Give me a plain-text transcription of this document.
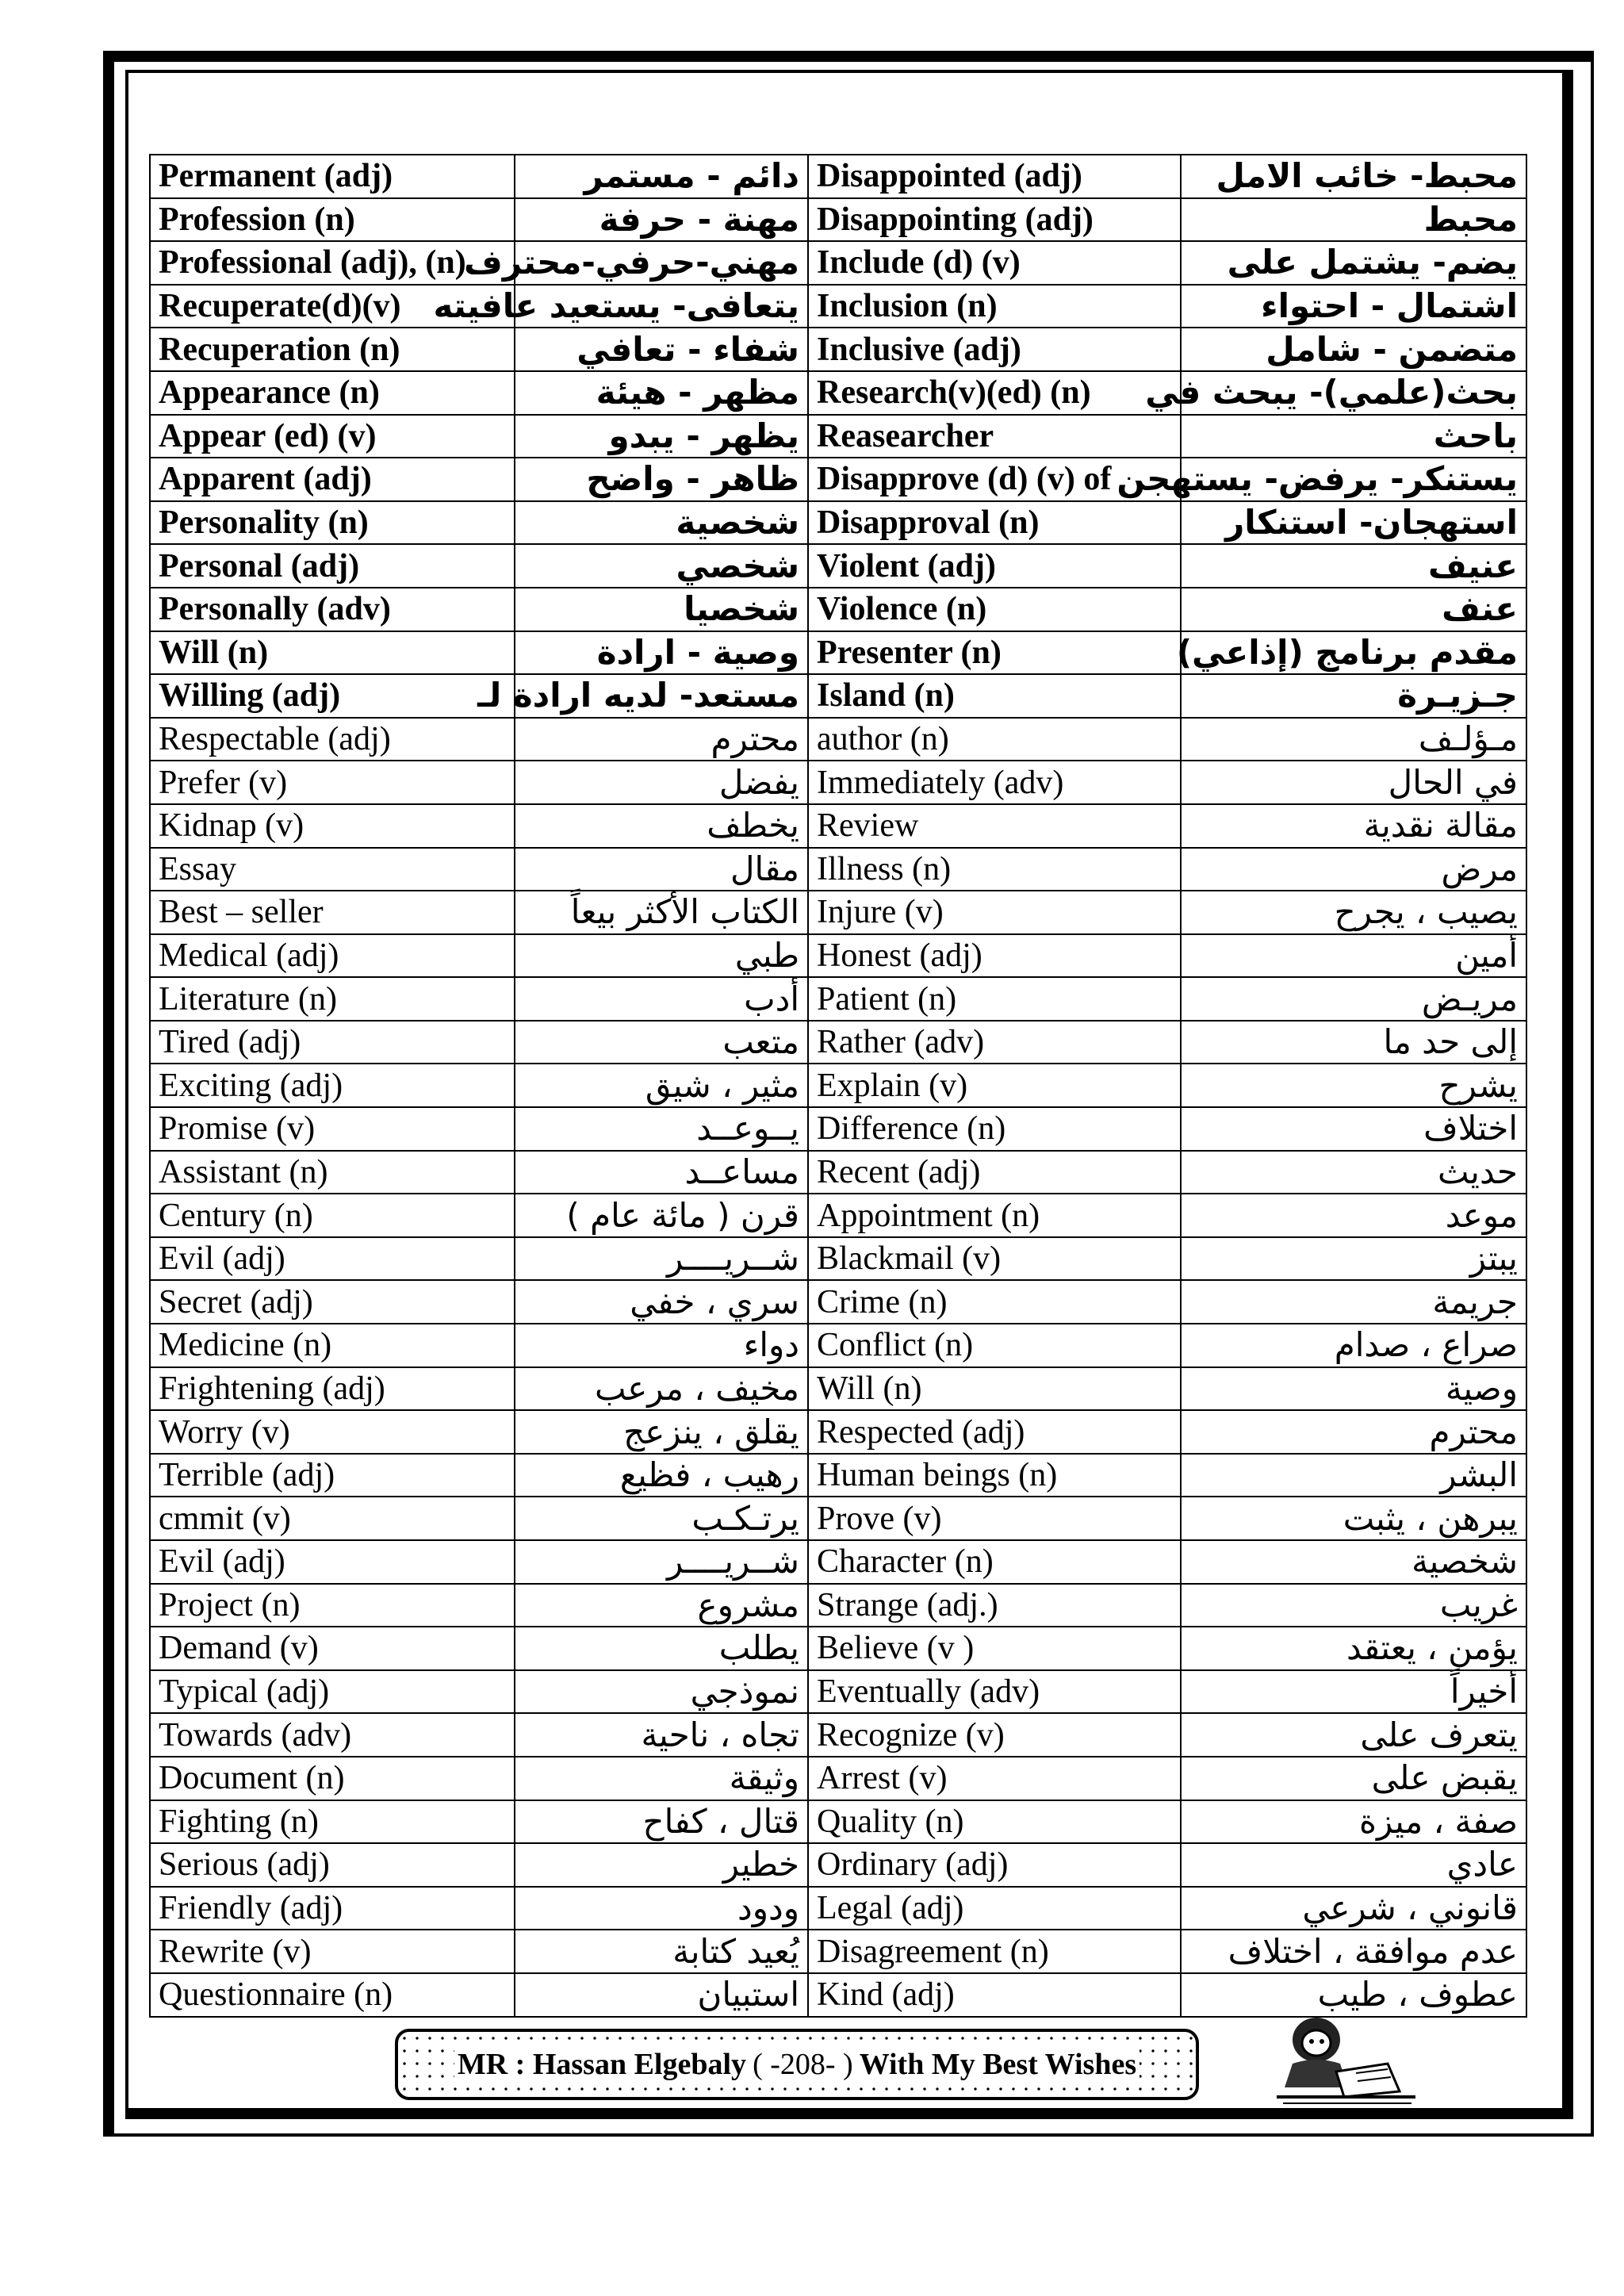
Permanent (adj)	دائم - مستمر	Disappointed (adj)	محبط- خائب الامل
Profession (n)	مهنة - حرفة	Disappointing (adj)	محبط
Professional (adj), (n)	مهني-حرفي-محترف	Include (d) (v)	يضم- يشتمل على
Recuperate(d)(v)	يتعافى- يستعيد عافيته	Inclusion (n)	اشتمال - احتواء
Recuperation (n)	شفاء - تعافي	Inclusive (adj)	متضمن - شامل
Appearance (n)	مظهر - هيئة	Research(v)(ed) (n)	بحث(علمي)- يبحث في
Appear (ed) (v)	يظهر - يبدو	Reasearcher	باحث
Apparent (adj)	ظاهر - واضح	Disapprove (d) (v) of	يستنكر- يرفض- يستهجن
Personality (n)	شخصية	Disapproval (n)	استهجان- استنكار
Personal (adj)	شخصي	Violent (adj)	عنيف
Personally (adv)	شخصيا	Violence (n)	عنف
Will (n)	وصية - ارادة	Presenter (n)	مقدم برنامج (إذاعي)
Willing (adj)	مستعد- لديه ارادة لـ	Island (n)	جـزيـرة
Respectable (adj)	محترم	author (n)	مـؤلـف
Prefer (v)	يفضل	Immediately (adv)	في الحال
Kidnap (v)	يخطف	Review	مقالة نقدية
Essay	مقال	Illness (n)	مرض
Best – seller	الكتاب الأكثر بيعاً	Injure (v)	يصيب ، يجرح
Medical (adj)	طبي	Honest (adj)	أمين
Literature (n)	أدب	Patient (n)	مريـض
Tired (adj)	متعب	Rather (adv)	إلى حد ما
Exciting (adj)	مثير ، شيق	Explain (v)	يشرح
Promise (v)	يــوعــد	Difference (n)	اختلاف
Assistant (n)	مساعــد	Recent (adj)	حديث
Century (n)	قرن ( مائة عام )	Appointment (n)	موعد
Evil (adj)	شــريــــر	Blackmail (v)	يبتز
Secret (adj)	سري ، خفي	Crime (n)	جريمة
Medicine (n)	دواء	Conflict (n)	صراع ، صدام
Frightening (adj)	مخيف ، مرعب	Will (n)	وصية
Worry (v)	يقلق ، ينزعج	Respected (adj)	محترم
Terrible (adj)	رهيب ، فظيع	Human beings (n)	البشر
cmmit (v)	يرتـكـب	Prove (v)	يبرهن ، يثبت
Evil (adj)	شــريــــر	Character (n)	شخصية
Project (n)	مشروع	Strange (adj.)	غريب
Demand (v)	يطلب	Believe (v )	يؤمن ، يعتقد
Typical (adj)	نموذجي	Eventually (adv)	أخيراً
Towards (adv)	تجاه ، ناحية	Recognize (v)	يتعرف على
Document (n)	وثيقة	Arrest (v)	يقبض على
Fighting (n)	قتال ، كفاح	Quality (n)	صفة ، ميزة
Serious (adj)	خطير	Ordinary (adj)	عادي
Friendly (adj)	ودود	Legal (adj)	قانوني ، شرعي
Rewrite (v)	يُعيد كتابة	Disagreement (n)	عدم موافقة ، اختلاف
Questionnaire (n)	استبيان	Kind (adj)	عطوف ، طيب
MR : Hassan Elgebaly ( -208- ) With My Best Wishes
